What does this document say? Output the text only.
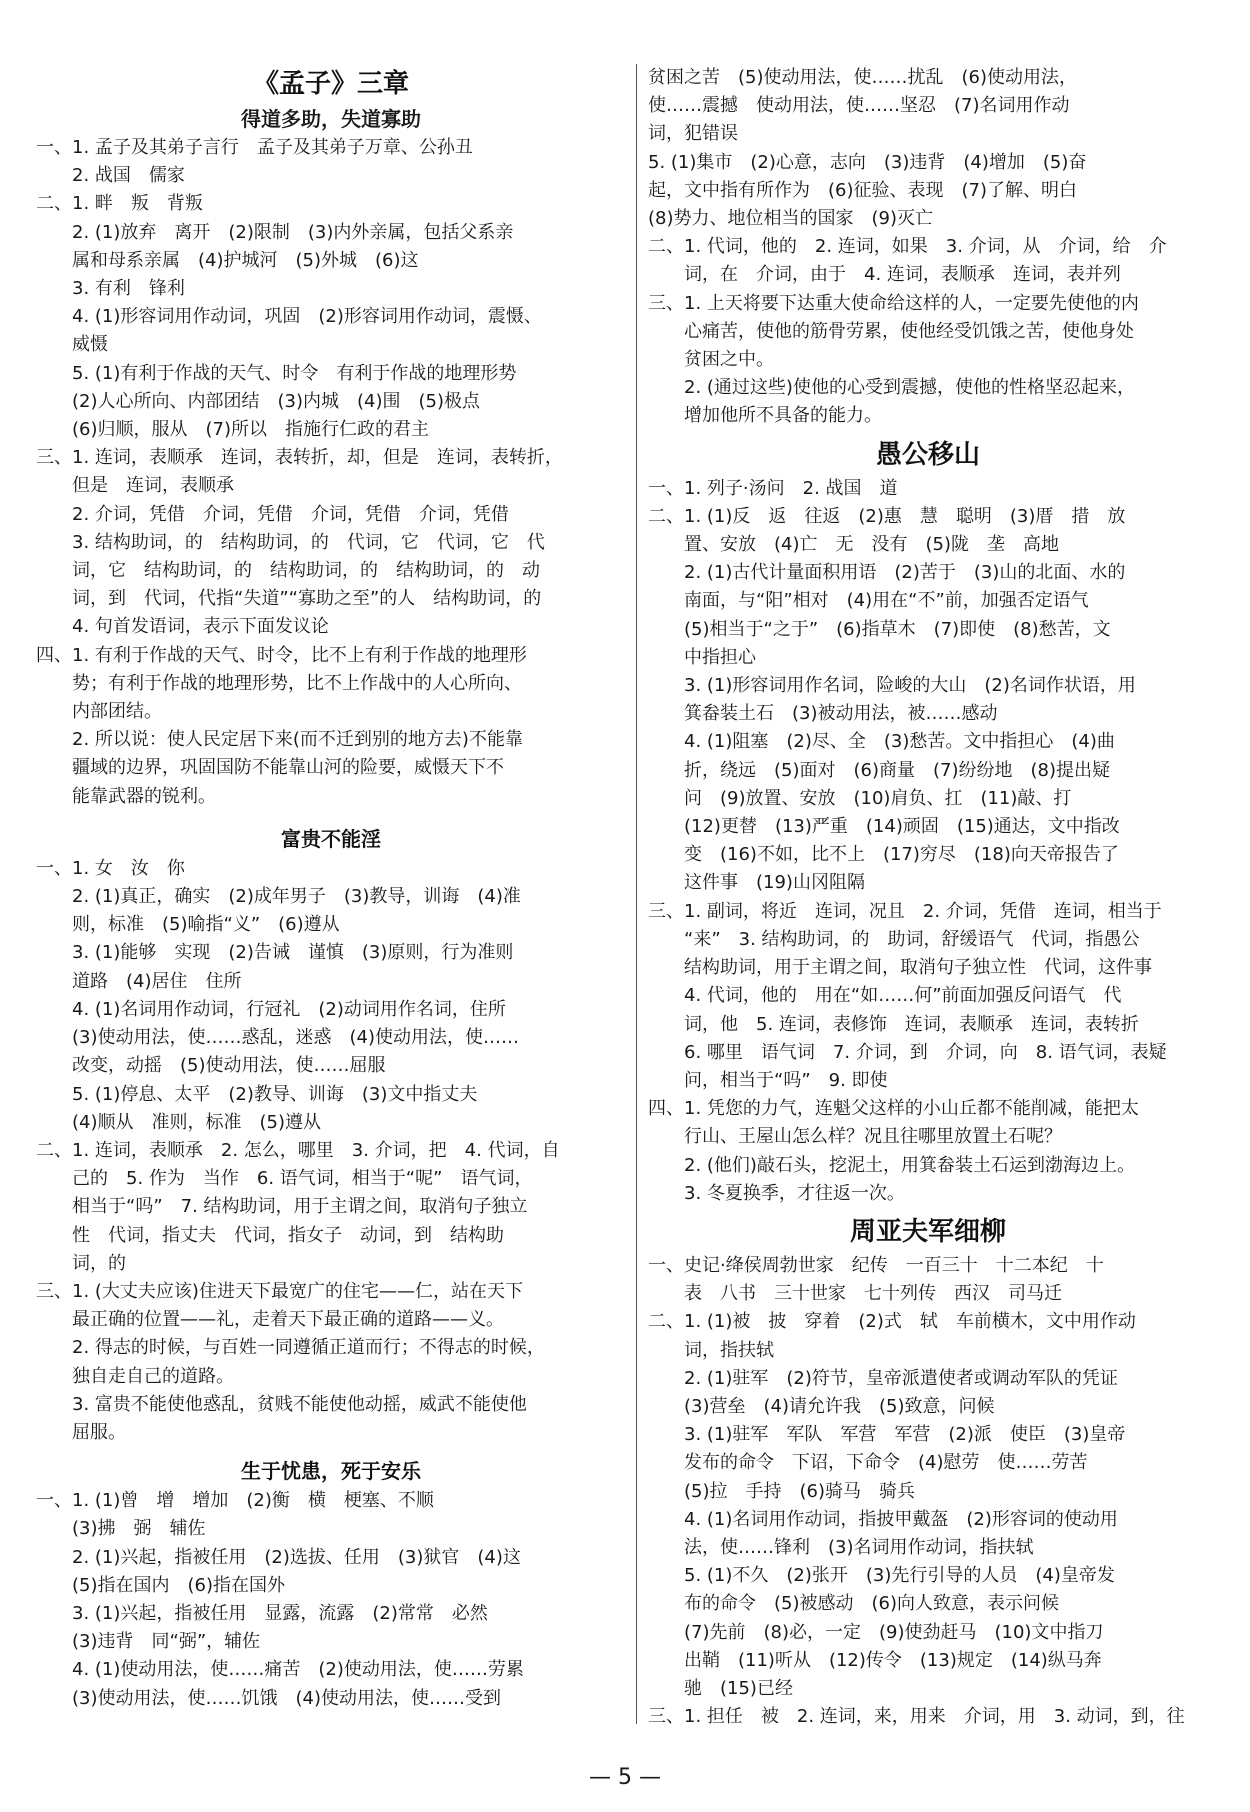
《孟子》三章
得道多助，失道寡助
一、1. 孟子及其弟子言行　孟子及其弟子万章、公孙丑
　　2. 战国　儒家
二、1. 畔　叛　背叛
　　2. (1)放弃　离开　(2)限制　(3)内外亲属，包括父系亲
　　属和母系亲属　(4)护城河　(5)外城　(6)这
　　3. 有利　锋利
　　4. (1)形容词用作动词，巩固　(2)形容词用作动词，震慑、
　　威慑
　　5. (1)有利于作战的天气、时令　有利于作战的地理形势
　　(2)人心所向、内部团结　(3)内城　(4)围　(5)极点
　　(6)归顺，服从　(7)所以　指施行仁政的君主
三、1. 连词，表顺承　连词，表转折，却，但是　连词，表转折，
　　但是　连词，表顺承
　　2. 介词，凭借　介词，凭借　介词，凭借　介词，凭借
　　3. 结构助词，的　结构助词，的　代词，它　代词，它　代
　　词，它　结构助词，的　结构助词，的　结构助词，的　动
　　词，到　代词，代指“失道”“寡助之至”的人　结构助词，的
　　4. 句首发语词，表示下面发议论
四、1. 有利于作战的天气、时令，比不上有利于作战的地理形
　　势；有利于作战的地理形势，比不上作战中的人心所向、
　　内部团结。
　　2. 所以说：使人民定居下来(而不迁到别的地方去)不能靠
　　疆域的边界，巩固国防不能靠山河的险要，威慑天下不
　　能靠武器的锐利。
富贵不能淫
一、1. 女　汝　你
　　2. (1)真正，确实　(2)成年男子　(3)教导，训诲　(4)准
　　则，标准　(5)喻指“义”　(6)遵从
　　3. (1)能够　实现　(2)告诫　谨慎　(3)原则，行为准则
　　道路　(4)居住　住所
　　4. (1)名词用作动词，行冠礼　(2)动词用作名词，住所
　　(3)使动用法，使……惑乱，迷惑　(4)使动用法，使……
　　改变，动摇　(5)使动用法，使……屈服
　　5. (1)停息、太平　(2)教导、训诲　(3)文中指丈夫
　　(4)顺从　准则，标准　(5)遵从
二、1. 连词，表顺承　2. 怎么，哪里　3. 介词，把　4. 代词，自
　　己的　5. 作为　当作　6. 语气词，相当于“呢”　语气词，
　　相当于“吗”　7. 结构助词，用于主谓之间，取消句子独立
　　性　代词，指丈夫　代词，指女子　动词，到　结构助
　　词，的
三、1. (大丈夫应该)住进天下最宽广的住宅——仁，站在天下
　　最正确的位置——礼，走着天下最正确的道路——义。
　　2. 得志的时候，与百姓一同遵循正道而行；不得志的时候，
　　独自走自己的道路。
　　3. 富贵不能使他惑乱，贫贱不能使他动摇，威武不能使他
　　屈服。
生于忧患，死于安乐
一、1. (1)曾　增　增加　(2)衡　横　梗塞、不顺
　　(3)拂　弼　辅佐
　　2. (1)兴起，指被任用　(2)选拔、任用　(3)狱官　(4)这
　　(5)指在国内　(6)指在国外
　　3. (1)兴起，指被任用　显露，流露　(2)常常　必然
　　(3)违背　同“弼”，辅佐
　　4. (1)使动用法，使……痛苦　(2)使动用法，使……劳累
　　(3)使动用法，使……饥饿　(4)使动用法，使……受到
贫困之苦　(5)使动用法，使……扰乱　(6)使动用法，
使……震撼　使动用法，使……坚忍　(7)名词用作动
词，犯错误
5. (1)集市　(2)心意，志向　(3)违背　(4)增加　(5)奋
起，文中指有所作为　(6)征验、表现　(7)了解、明白
(8)势力、地位相当的国家　(9)灭亡
二、1. 代词，他的　2. 连词，如果　3. 介词，从　介词，给　介
　　词，在　介词，由于　4. 连词，表顺承　连词，表并列
三、1. 上天将要下达重大使命给这样的人，一定要先使他的内
　　心痛苦，使他的筋骨劳累，使他经受饥饿之苦，使他身处
　　贫困之中。
　　2. (通过这些)使他的心受到震撼，使他的性格坚忍起来，
　　增加他所不具备的能力。
愚公移山
一、1. 列子·汤问　2. 战国　道
二、1. (1)反　返　往返　(2)惠　慧　聪明　(3)厝　措　放
　　置、安放　(4)亡　无　没有　(5)陇　垄　高地
　　2. (1)古代计量面积用语　(2)苦于　(3)山的北面、水的
　　南面，与“阳”相对　(4)用在“不”前，加强否定语气
　　(5)相当于“之于”　(6)指草木　(7)即使　(8)愁苦，文
　　中指担心
　　3. (1)形容词用作名词，险峻的大山　(2)名词作状语，用
　　箕畚装土石　(3)被动用法，被……感动
　　4. (1)阻塞　(2)尽、全　(3)愁苦。文中指担心　(4)曲
　　折，绕远　(5)面对　(6)商量　(7)纷纷地　(8)提出疑
　　问　(9)放置、安放　(10)肩负、扛　(11)敲、打
　　(12)更替　(13)严重　(14)顽固　(15)通达，文中指改
　　变　(16)不如，比不上　(17)穷尽　(18)向天帝报告了
　　这件事　(19)山冈阻隔
三、1. 副词，将近　连词，况且　2. 介词，凭借　连词，相当于
　　“来”　3. 结构助词，的　助词，舒缓语气　代词，指愚公
　　结构助词，用于主谓之间，取消句子独立性　代词，这件事
　　4. 代词，他的　用在“如……何”前面加强反问语气　代
　　词，他　5. 连词，表修饰　连词，表顺承　连词，表转折
　　6. 哪里　语气词　7. 介词，到　介词，向　8. 语气词，表疑
　　问，相当于“吗”　9. 即使
四、1. 凭您的力气，连魁父这样的小山丘都不能削减，能把太
　　行山、王屋山怎么样？况且往哪里放置土石呢？
　　2. (他们)敲石头，挖泥土，用箕畚装土石运到渤海边上。
　　3. 冬夏换季，才往返一次。
周亚夫军细柳
一、史记·绛侯周勃世家　纪传　一百三十　十二本纪　十
　　表　八书　三十世家　七十列传　西汉　司马迁
二、1. (1)被　披　穿着　(2)式　轼　车前横木，文中用作动
　　词，指扶轼
　　2. (1)驻军　(2)符节，皇帝派遣使者或调动军队的凭证
　　(3)营垒　(4)请允许我　(5)致意，问候
　　3. (1)驻军　军队　军营　军营　(2)派　使臣　(3)皇帝
　　发布的命令　下诏，下命令　(4)慰劳　使……劳苦
　　(5)拉　手持　(6)骑马　骑兵
　　4. (1)名词用作动词，指披甲戴盔　(2)形容词的使动用
　　法，使……锋利　(3)名词用作动词，指扶轼
　　5. (1)不久　(2)张开　(3)先行引导的人员　(4)皇帝发
　　布的命令　(5)被感动　(6)向人致意，表示问候
　　(7)先前　(8)必，一定　(9)使劲赶马　(10)文中指刀
　　出鞘　(11)听从　(12)传令　(13)规定　(14)纵马奔
　　驰　(15)已经
三、1. 担任　被　2. 连词，来，用来　介词，用　3. 动词，到，往
— 5 —
